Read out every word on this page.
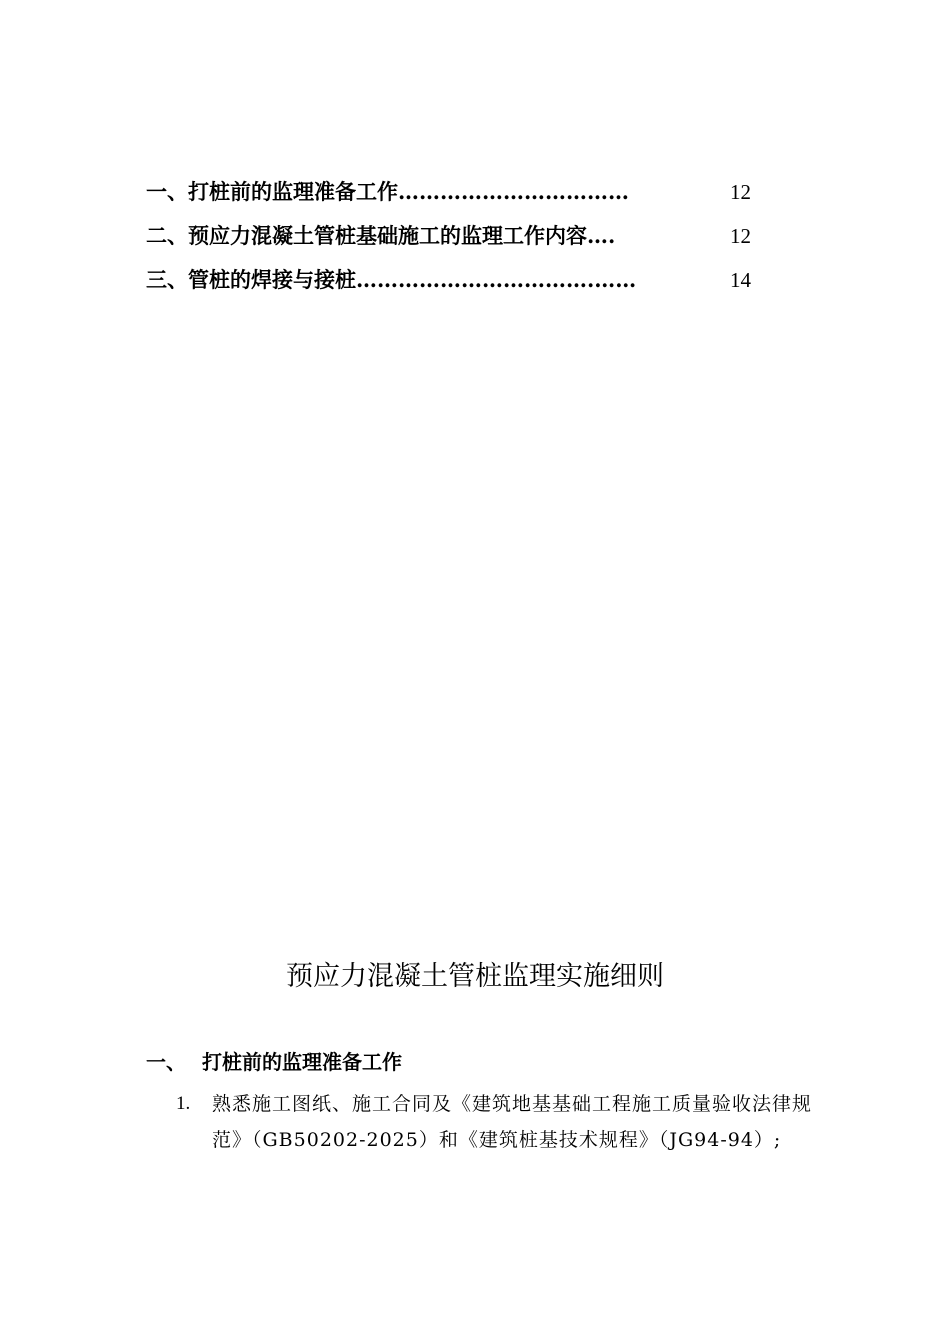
一、打桩前的监理准备工作……………………………	12
二、预应力混凝土管桩基础施工的监理工作内容….	12
三、管桩的焊接与接桩…………………………….……	14
预应力混凝土管桩监理实施细则
一、 打桩前的监理准备工作
1. 熟悉施工图纸、施工合同及《建筑地基基础工程施工质量验收法律规范》（GB50202-2025）和《建筑桩基技术规程》（JG94-94）;
